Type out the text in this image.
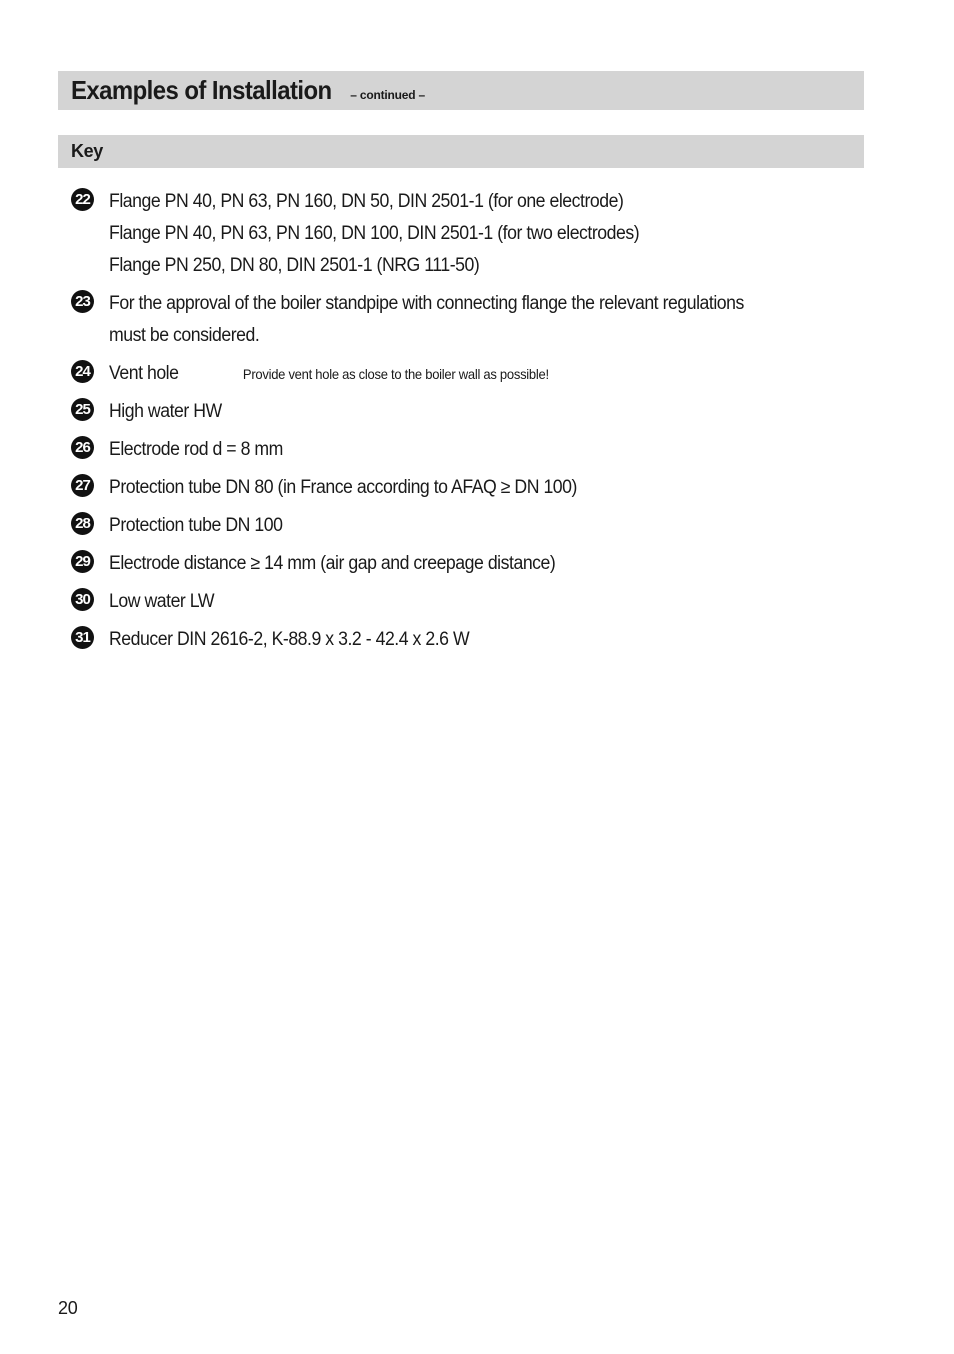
Examples of Installation – continued –
Key
22 Flange PN 40, PN 63, PN 160, DN 50, DIN 2501-1 (for one electrode)
Flange PN 40, PN 63, PN 160, DN 100, DIN 2501-1 (for two electrodes)
Flange PN 250, DN 80, DIN 2501-1 (NRG 111-50)
23 For the approval of the boiler standpipe with connecting flange the relevant regulations
must be considered.
24 Vent hole	Provide vent hole as close to the boiler wall as possible!
25 High water HW
26 Electrode rod d = 8 mm
27 Protection tube DN 80 (in France according to AFAQ ≥ DN 100)
28 Protection tube DN 100
29 Electrode distance ≥ 14 mm (air gap and creepage distance)
30 Low water LW
31 Reducer DIN 2616-2, K-88.9 x 3.2 - 42.4 x 2.6 W
20
